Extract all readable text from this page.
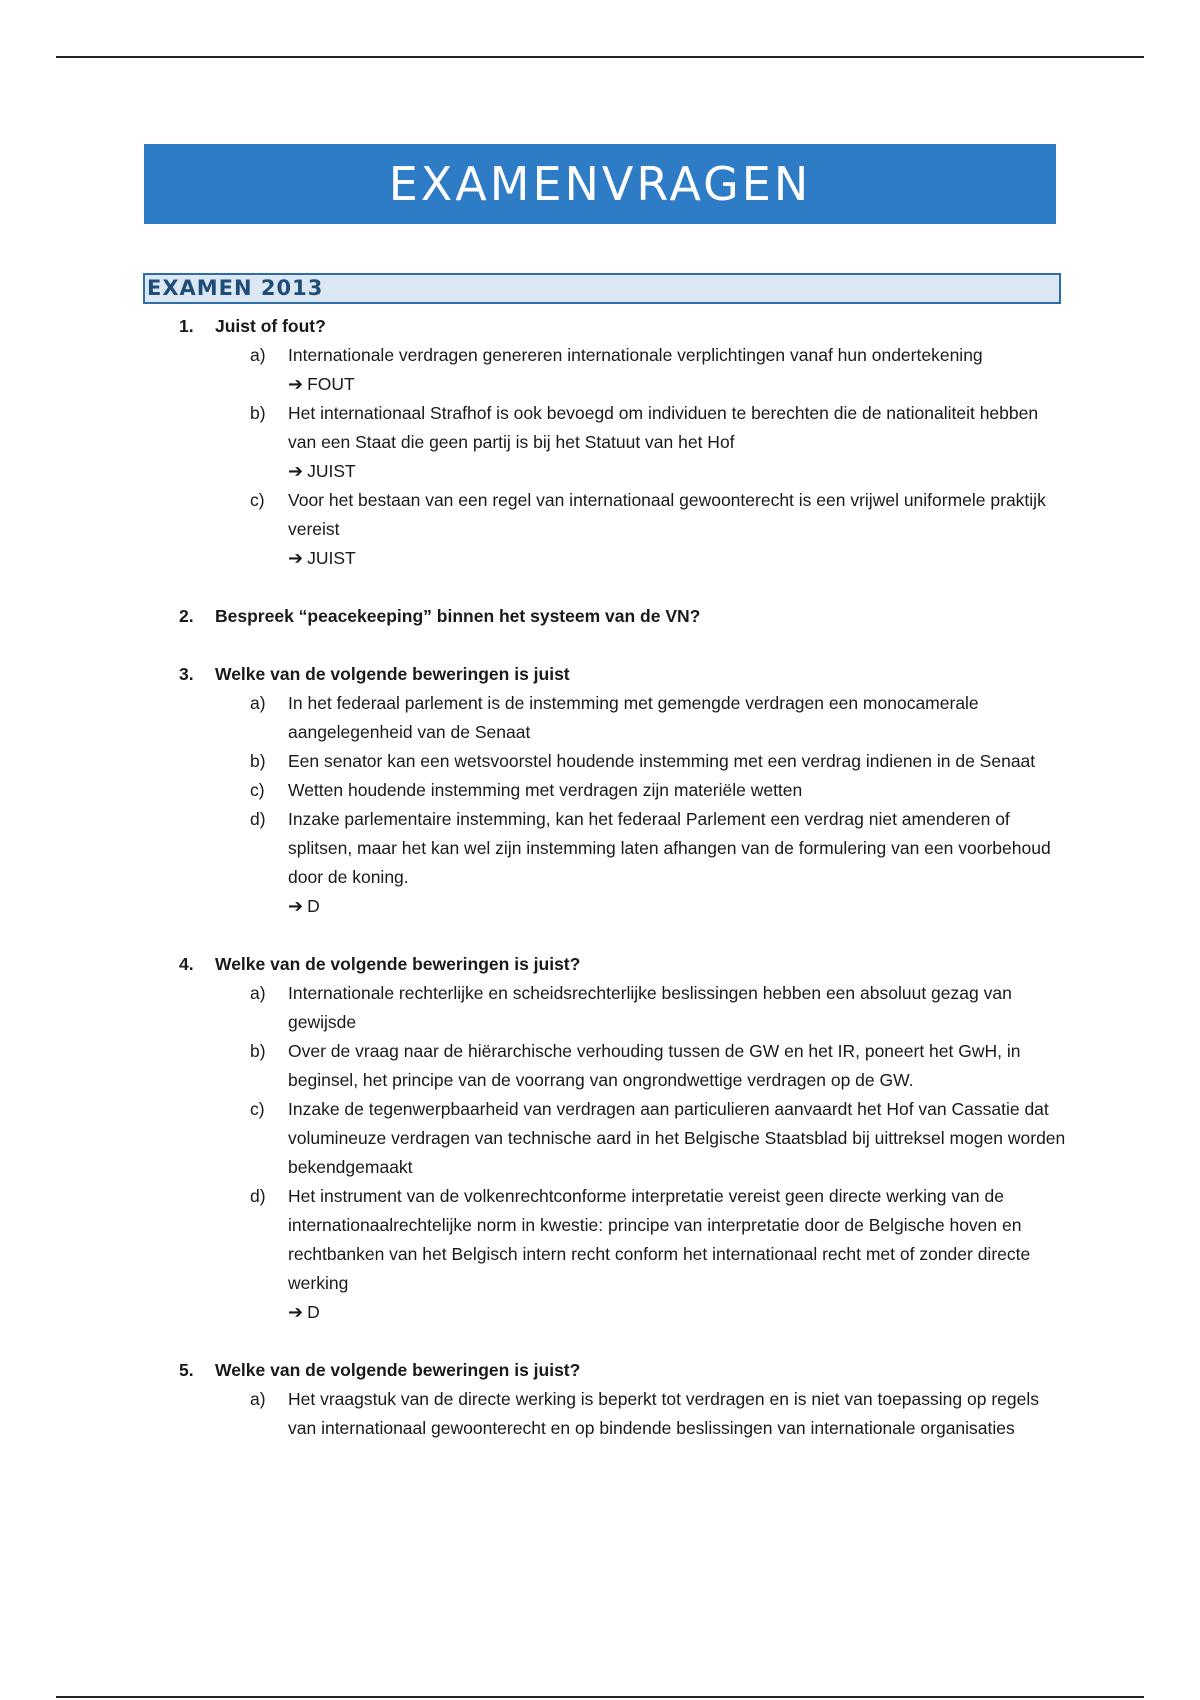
EXAMENVRAGEN
EXAMEN 2013
1. Juist of fout?
a) Internationale verdragen genereren internationale verplichtingen vanaf hun ondertekening
➔ FOUT
b) Het internationaal Strafhof is ook bevoegd om individuen te berechten die de nationaliteit hebben van een Staat die geen partij is bij het Statuut van het Hof
➔ JUIST
c) Voor het bestaan van een regel van internationaal gewoonterecht is een vrijwel uniformele praktijk vereist
➔ JUIST
2. Bespreek “peacekeeping” binnen het systeem van de VN?
3. Welke van de volgende beweringen is juist
a) In het federaal parlement is de instemming met gemengde verdragen een monocamerale aangelegenheid van de Senaat
b) Een senator kan een wetsvoorstel houdende instemming met een verdrag indienen in de Senaat
c) Wetten houdende instemming met verdragen zijn materiële wetten
d) Inzake parlementaire instemming, kan het federaal Parlement een verdrag niet amenderen of splitsen, maar het kan wel zijn instemming laten afhangen van de formulering van een voorbehoud door de koning.
➔ D
4. Welke van de volgende beweringen is juist?
a) Internationale rechterlijke en scheidsrechterlijke beslissingen hebben een absoluut gezag van gewijsde
b) Over de vraag naar de hiërarchische verhouding tussen de GW en het IR, poneert het GwH, in beginsel, het principe van de voorrang van ongrondwettige verdragen op de GW.
c) Inzake de tegenwerpbaarheid van verdragen aan particulieren aanvaardt het Hof van Cassatie dat volumineuze verdragen van technische aard in het Belgische Staatsblad bij uittreksel mogen worden bekendgemaakt
d) Het instrument van de volkenrechtconforme interpretatie vereist geen directe werking van de internationaalrechtelijke norm in kwestie: principe van interpretatie door de Belgische hoven en rechtbanken van het Belgisch intern recht conform het internationaal recht met of zonder directe werking
➔ D
5. Welke van de volgende beweringen is juist?
a) Het vraagstuk van de directe werking is beperkt tot verdragen en is niet van toepassing op regels van internationaal gewoonterecht en op bindende beslissingen van internationale organisaties
